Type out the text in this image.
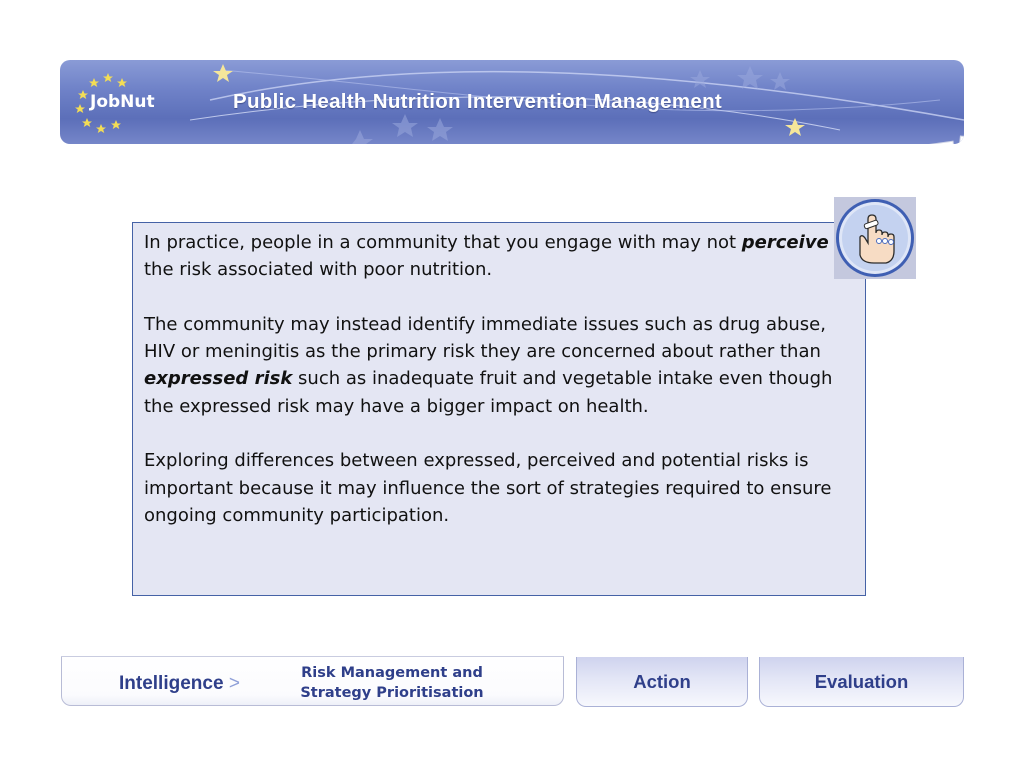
JobNut	Public Health Nutrition Intervention Management

In practice, people in a community that you engage with may not perceive the risk associated with poor nutrition.

The community may instead identify immediate issues such as drug abuse, HIV or meningitis as the primary risk they are concerned about rather than expressed risk such as inadequate fruit and vegetable intake even though the expressed risk may have a bigger impact on health.

Exploring differences between expressed, perceived and potential risks is important because it may influence the sort of strategies required to ensure ongoing community participation.

Intelligence >	Risk Management and Strategy Prioritisation
Action	Evaluation
